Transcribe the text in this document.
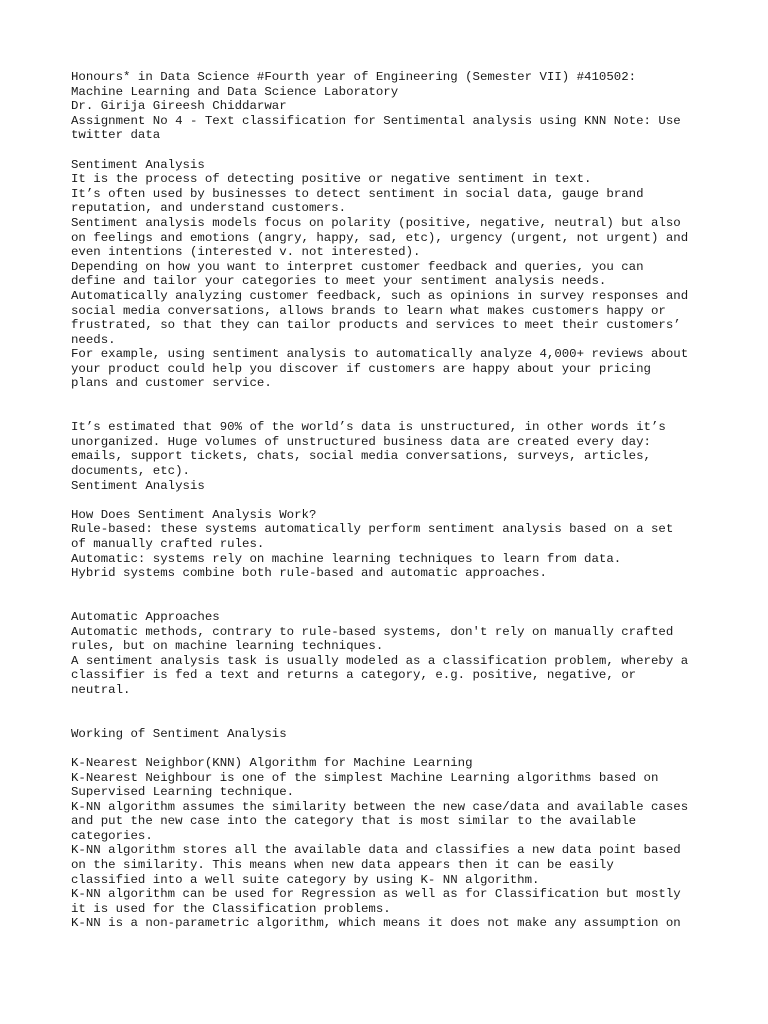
Honours* in Data Science #Fourth year of Engineering (Semester VII) #410502:
Machine Learning and Data Science Laboratory
Dr. Girija Gireesh Chiddarwar
Assignment No 4 - Text classification for Sentimental analysis using KNN Note: Use
twitter data
Sentiment Analysis
It is the process of detecting positive or negative sentiment in text.
It’s often used by businesses to detect sentiment in social data, gauge brand
reputation, and understand customers.
Sentiment analysis models focus on polarity (positive, negative, neutral) but also
on feelings and emotions (angry, happy, sad, etc), urgency (urgent, not urgent) and
even intentions (interested v. not interested).
Depending on how you want to interpret customer feedback and queries, you can
define and tailor your categories to meet your sentiment analysis needs.
Automatically analyzing customer feedback, such as opinions in survey responses and
social media conversations, allows brands to learn what makes customers happy or
frustrated, so that they can tailor products and services to meet their customers’
needs.
For example, using sentiment analysis to automatically analyze 4,000+ reviews about
your product could help you discover if customers are happy about your pricing
plans and customer service.
It’s estimated that 90% of the world’s data is unstructured, in other words it’s
unorganized. Huge volumes of unstructured business data are created every day:
emails, support tickets, chats, social media conversations, surveys, articles,
documents, etc).
Sentiment Analysis
How Does Sentiment Analysis Work?
Rule-based: these systems automatically perform sentiment analysis based on a set
of manually crafted rules.
Automatic: systems rely on machine learning techniques to learn from data.
Hybrid systems combine both rule-based and automatic approaches.
Automatic Approaches
Automatic methods, contrary to rule-based systems, don't rely on manually crafted
rules, but on machine learning techniques.
A sentiment analysis task is usually modeled as a classification problem, whereby a
classifier is fed a text and returns a category, e.g. positive, negative, or
neutral.
Working of Sentiment Analysis
K-Nearest Neighbor(KNN) Algorithm for Machine Learning
K-Nearest Neighbour is one of the simplest Machine Learning algorithms based on
Supervised Learning technique.
K-NN algorithm assumes the similarity between the new case/data and available cases
and put the new case into the category that is most similar to the available
categories.
K-NN algorithm stores all the available data and classifies a new data point based
on the similarity. This means when new data appears then it can be easily
classified into a well suite category by using K- NN algorithm.
K-NN algorithm can be used for Regression as well as for Classification but mostly
it is used for the Classification problems.
K-NN is a non-parametric algorithm, which means it does not make any assumption on
